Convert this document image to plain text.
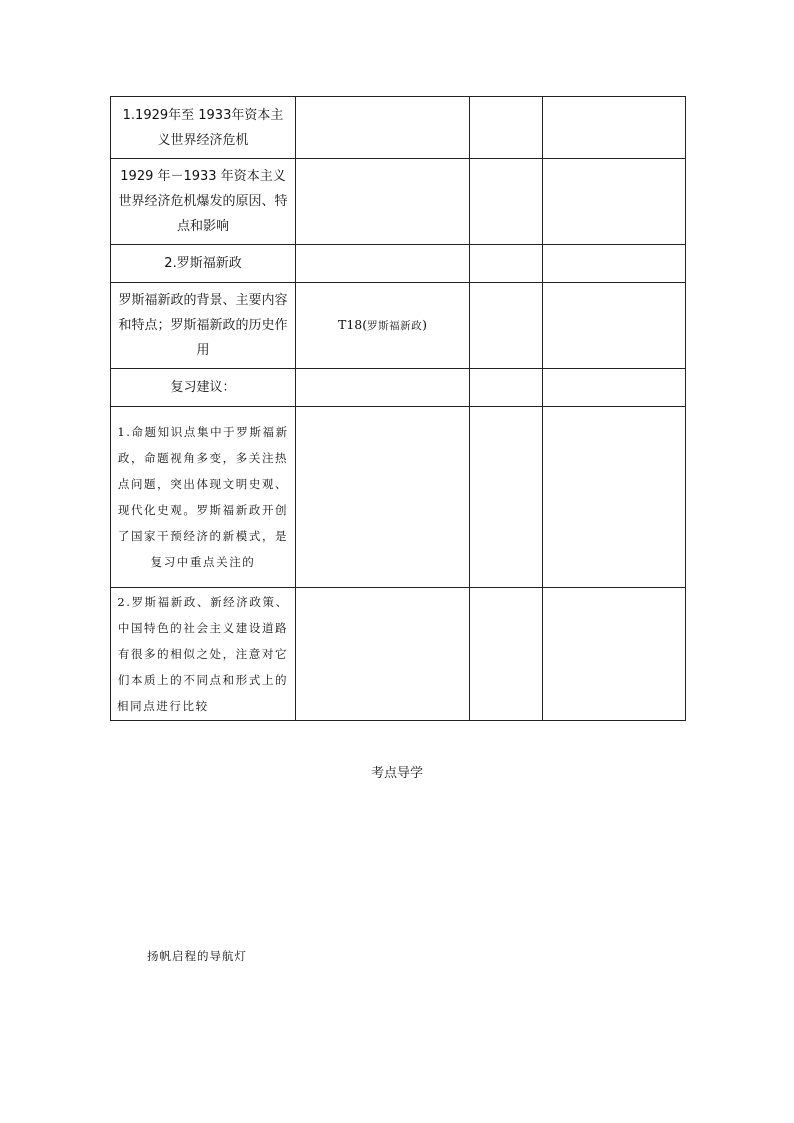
1.1929年至 1933年资本主义世界经济危机			
1929 年－1933 年资本主义世界经济危机爆发的原因、特点和影响			
2.罗斯福新政			
罗斯福新政的背景、主要内容和特点；罗斯福新政的历史作用	T18(罗斯福新政)		
复习建议：			
1.命题知识点集中于罗斯福新政，命题视角多变，多关注热点问题，突出体现文明史观、现代化史观。罗斯福新政开创了国家干预经济的新模式，是复习中重点关注的			
2.罗斯福新政、新经济政策、中国特色的社会主义建设道路有很多的相似之处，注意对它们本质上的不同点和形式上的相同点进行比较			
考点导学
扬帆启程的导航灯
